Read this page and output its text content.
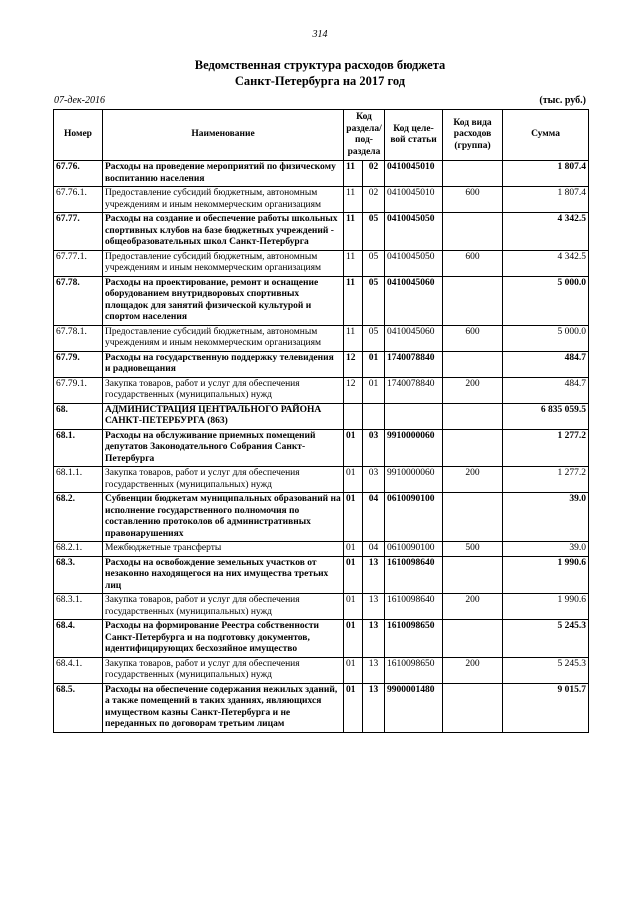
314
Ведомственная структура расходов бюджета
Санкт-Петербурга на 2017 год
07-дек-2016	(тыс. руб.)
Номер	Наименование	Код раздела/ под- раздела		Код целе- вой статьи	Код вида расходов (группа)	Сумма
67.76.	Расходы на проведение мероприятий по физическому воспитанию населения	11	02	0410045010		1 807.4
67.76.1.	Предоставление субсидий бюджетным, автономным учреждениям и иным некоммерческим организациям	11	02	0410045010	600	1 807.4
67.77.	Расходы на создание и обеспечение работы школьных спортивных клубов на базе бюджетных учреждений - общеобразовательных школ Санкт-Петербурга	11	05	0410045050		4 342.5
67.77.1.	Предоставление субсидий бюджетным, автономным учреждениям и иным некоммерческим организациям	11	05	0410045050	600	4 342.5
67.78.	Расходы на проектирование, ремонт и оснащение оборудованием внутридворовых спортивных площадок для занятий физической культурой и спортом населения	11	05	0410045060		5 000.0
67.78.1.	Предоставление субсидий бюджетным, автономным учреждениям и иным некоммерческим организациям	11	05	0410045060	600	5 000.0
67.79.	Расходы на государственную поддержку телевидения и радиовещания	12	01	1740078840		484.7
67.79.1.	Закупка товаров, работ и услуг для обеспечения государственных (муниципальных) нужд	12	01	1740078840	200	484.7
68.	АДМИНИСТРАЦИЯ ЦЕНТРАЛЬНОГО РАЙОНА САНКТ-ПЕТЕРБУРГА (863)					6 835 059.5
68.1.	Расходы на обслуживание приемных помещений депутатов Законодательного Собрания Санкт-Петербурга	01	03	9910000060		1 277.2
68.1.1.	Закупка товаров, работ и услуг для обеспечения государственных (муниципальных) нужд	01	03	9910000060	200	1 277.2
68.2.	Субвенции бюджетам муниципальных образований на исполнение государственного полномочия по составлению протоколов об административных правонарушениях	01	04	0610090100		39.0
68.2.1.	Межбюджетные трансферты	01	04	0610090100	500	39.0
68.3.	Расходы на освобождение земельных участков от незаконно находящегося на них имущества третьих лиц	01	13	1610098640		1 990.6
68.3.1.	Закупка товаров, работ и услуг для обеспечения государственных (муниципальных) нужд	01	13	1610098640	200	1 990.6
68.4.	Расходы на формирование Реестра собственности Санкт-Петербурга и на подготовку документов, идентифицирующих бесхозяйное имущество	01	13	1610098650		5 245.3
68.4.1.	Закупка товаров, работ и услуг для обеспечения государственных (муниципальных) нужд	01	13	1610098650	200	5 245.3
68.5.	Расходы на обеспечение содержания нежилых зданий, а также помещений в таких зданиях, являющихся имуществом казны Санкт-Петербурга и не переданных по договорам третьим лицам	01	13	9900001480		9 015.7
